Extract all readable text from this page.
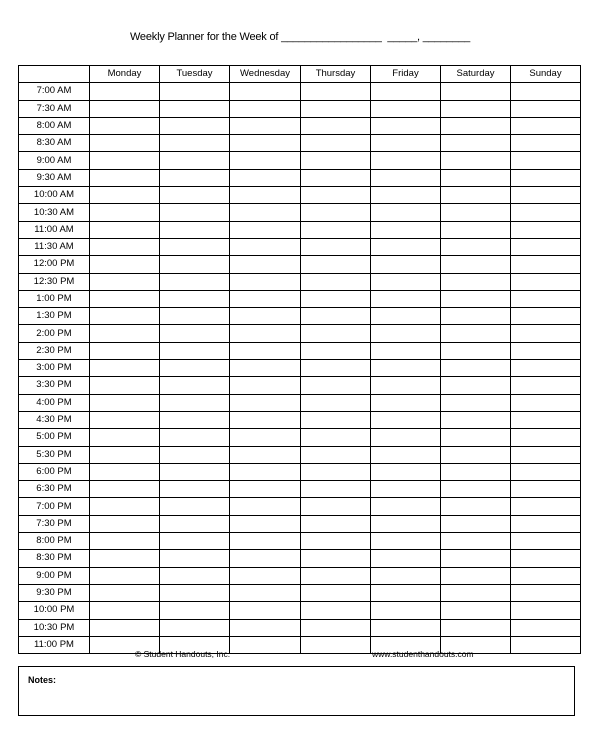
Weekly Planner for the Week of _________________  _____, ________
	Monday	Tuesday	Wednesday	Thursday	Friday	Saturday	Sunday
7:00 AM							
7:30 AM							
8:00 AM							
8:30 AM							
9:00 AM							
9:30 AM							
10:00 AM							
10:30 AM							
11:00 AM							
11:30 AM							
12:00 PM							
12:30 PM							
1:00 PM							
1:30 PM							
2:00 PM							
2:30 PM							
3:00 PM							
3:30 PM							
4:00 PM							
4:30 PM							
5:00 PM							
5:30 PM							
6:00 PM							
6:30 PM							
7:00 PM							
7:30 PM							
8:00 PM							
8:30 PM							
9:00 PM							
9:30 PM							
10:00 PM							
10:30 PM							
11:00 PM							
© Student Handouts, Inc.	www.studenthandouts.com
Notes:
